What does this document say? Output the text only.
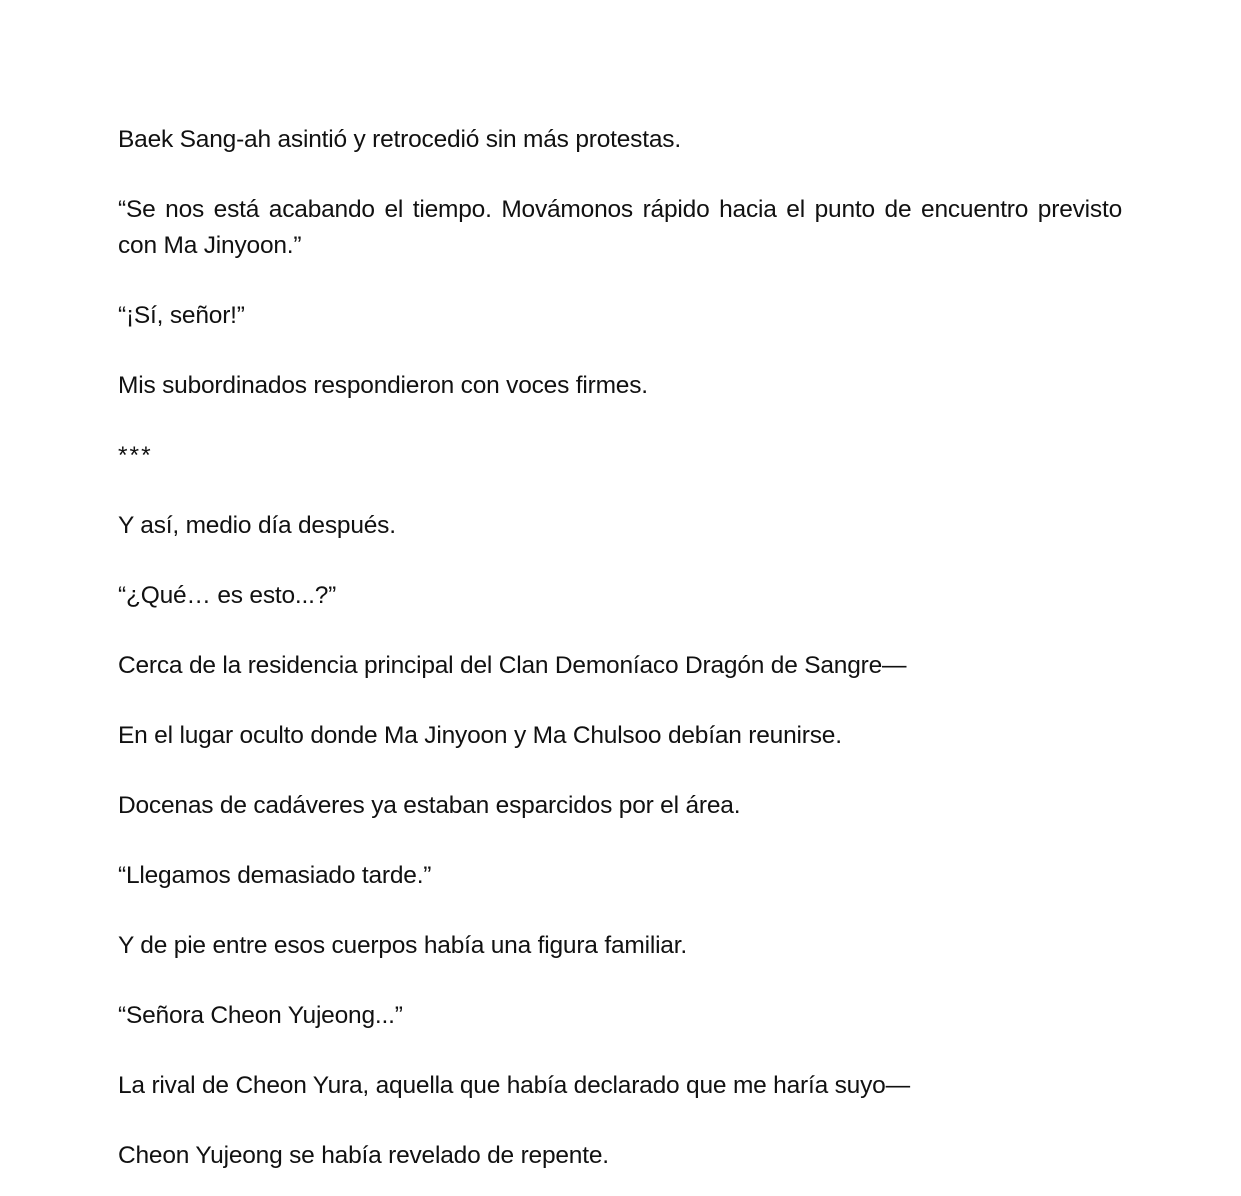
Baek Sang-ah asintió y retrocedió sin más protestas.

“Se nos está acabando el tiempo. Movámonos rápido hacia el punto de encuentro previsto con Ma Jinyoon.”

“¡Sí, señor!”

Mis subordinados respondieron con voces firmes.

***

Y así, medio día después.

“¿Qué… es esto...?”

Cerca de la residencia principal del Clan Demoníaco Dragón de Sangre—

En el lugar oculto donde Ma Jinyoon y Ma Chulsoo debían reunirse.

Docenas de cadáveres ya estaban esparcidos por el área.

“Llegamos demasiado tarde.”

Y de pie entre esos cuerpos había una figura familiar.

“Señora Cheon Yujeong...”

La rival de Cheon Yura, aquella que había declarado que me haría suyo—

Cheon Yujeong se había revelado de repente.
